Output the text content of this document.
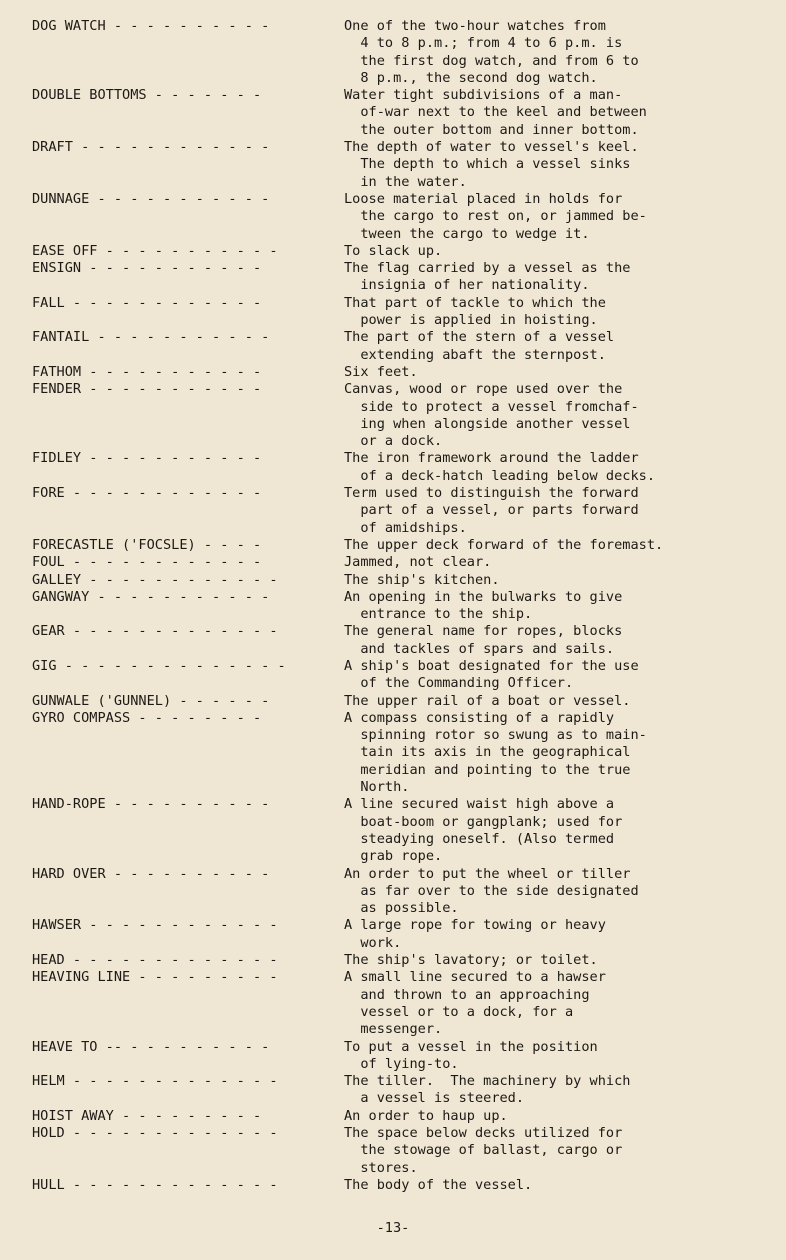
DOG WATCH - - - - - - - - - -	One of the two-hour watches from
4 to 8 p.m.; from 4 to 6 p.m. is
the first dog watch, and from 6 to
8 p.m., the second dog watch.
DOUBLE BOTTOMS - - - - - - -	Water tight subdivisions of a man-
of-war next to the keel and between
the outer bottom and inner bottom.
DRAFT - - - - - - - - - - - -	The depth of water to vessel's keel.
The depth to which a vessel sinks
in the water.
DUNNAGE - - - - - - - - - - -	Loose material placed in holds for
the cargo to rest on, or jammed be-
tween the cargo to wedge it.
EASE OFF - - - - - - - - - - -	To slack up.
ENSIGN - - - - - - - - - - -	The flag carried by a vessel as the
insignia of her nationality.
FALL - - - - - - - - - - - -	That part of tackle to which the
power is applied in hoisting.
FANTAIL - - - - - - - - - - -	The part of the stern of a vessel
extending abaft the sternpost.
FATHOM - - - - - - - - - - -	Six feet.
FENDER - - - - - - - - - - -	Canvas, wood or rope used over the
side to protect a vessel fromchaf-
ing when alongside another vessel
or a dock.
FIDLEY - - - - - - - - - - -	The iron framework around the ladder
of a deck-hatch leading below decks.
FORE - - - - - - - - - - - -	Term used to distinguish the forward
part of a vessel, or parts forward
of amidships.
FORECASTLE ('FOCSLE) - - - -	The upper deck forward of the foremast.
FOUL - - - - - - - - - - - -	Jammed, not clear.
GALLEY - - - - - - - - - - - -	The ship's kitchen.
GANGWAY - - - - - - - - - - -	An opening in the bulwarks to give
entrance to the ship.
GEAR - - - - - - - - - - - - -	The general name for ropes, blocks
and tackles of spars and sails.
GIG - - - - - - - - - - - - - -	A ship's boat designated for the use
of the Commanding Officer.
GUNWALE ('GUNNEL) - - - - - -	The upper rail of a boat or vessel.
GYRO COMPASS - - - - - - - -	A compass consisting of a rapidly
spinning rotor so swung as to main-
tain its axis in the geographical
meridian and pointing to the true
North.
HAND-ROPE - - - - - - - - - -	A line secured waist high above a
boat-boom or gangplank; used for
steadying oneself. (Also termed
grab rope.
HARD OVER - - - - - - - - - -	An order to put the wheel or tiller
as far over to the side designated
as possible.
HAWSER - - - - - - - - - - - -	A large rope for towing or heavy
work.
HEAD - - - - - - - - - - - - -	The ship's lavatory; or toilet.
HEAVING LINE - - - - - - - - -	A small line secured to a hawser
and thrown to an approaching
vessel or to a dock, for a
messenger.
HEAVE TO -- - - - - - - - - -	To put a vessel in the position
of lying-to.
HELM - - - - - - - - - - - - -	The tiller.  The machinery by which
a vessel is steered.
HOIST AWAY - - - - - - - - -	An order to haup up.
HOLD - - - - - - - - - - - - -	The space below decks utilized for
the stowage of ballast, cargo or
stores.
HULL - - - - - - - - - - - - -	The body of the vessel.
-13-
